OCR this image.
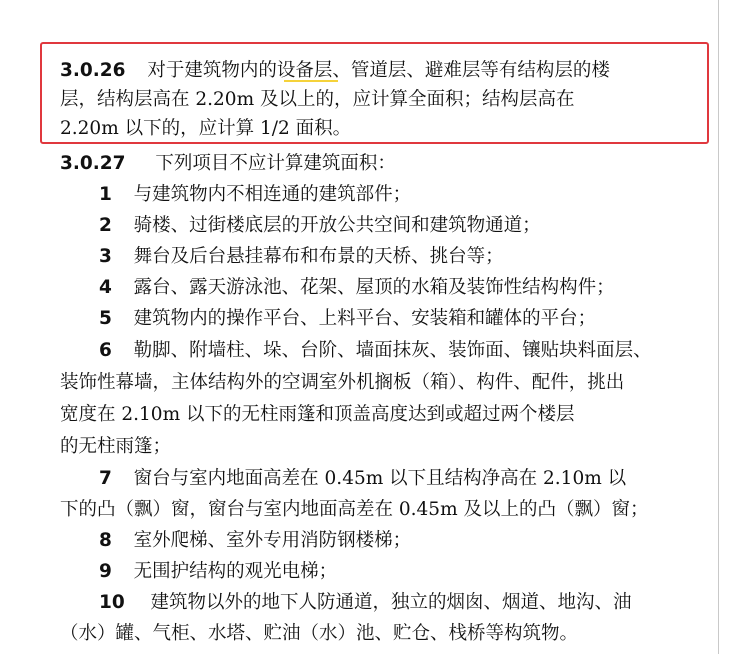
3.0.26 对于建筑物内的设备层、管道层、避难层等有结构层的楼
层，结构层高在 2.20m 及以上的，应计算全面积；结构层高在
2.20m 以下的，应计算 1/2 面积。
3.0.27 下列项目不应计算建筑面积：
1 与建筑物内不相连通的建筑部件；
2 骑楼、过街楼底层的开放公共空间和建筑物通道；
3 舞台及后台悬挂幕布和布景的天桥、挑台等；
4 露台、露天游泳池、花架、屋顶的水箱及装饰性结构构件；
5 建筑物内的操作平台、上料平台、安装箱和罐体的平台；
6 勒脚、附墙柱、垛、台阶、墙面抹灰、装饰面、镶贴块料面层、
装饰性幕墙，主体结构外的空调室外机搁板（箱）、构件、配件，挑出
宽度在 2.10m 以下的无柱雨篷和顶盖高度达到或超过两个楼层
的无柱雨篷；
7 窗台与室内地面高差在 0.45m 以下且结构净高在 2.10m 以
下的凸（飘）窗，窗台与室内地面高差在 0.45m 及以上的凸（飘）窗；
8 室外爬梯、室外专用消防钢楼梯；
9 无围护结构的观光电梯；
10 建筑物以外的地下人防通道，独立的烟囱、烟道、地沟、油
（水）罐、气柜、水塔、贮油（水）池、贮仓、栈桥等构筑物。
